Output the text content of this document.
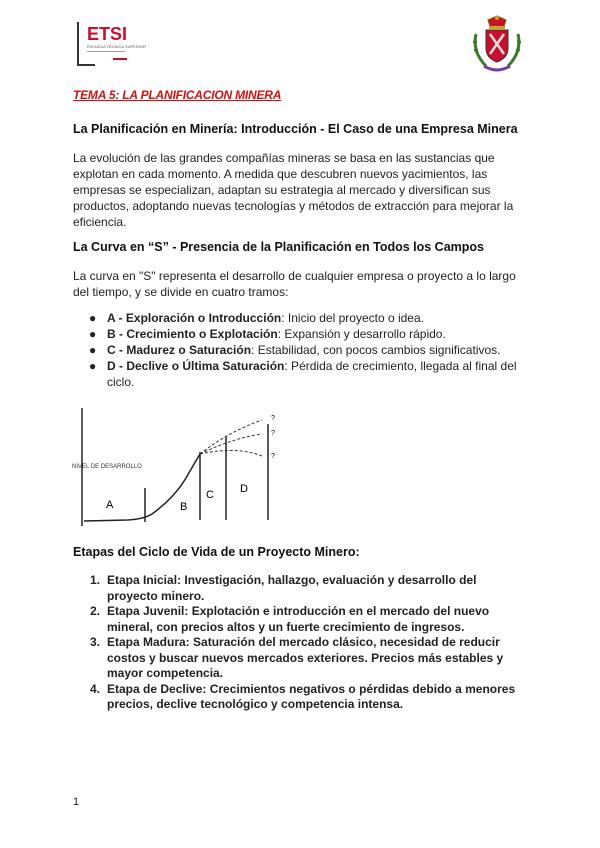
ETSI
ESCUELA TÉCNICA SUPERIOR
TEMA 5: LA PLANIFICACION MINERA
La Planificación en Minería: Introducción - El Caso de una Empresa Minera

La evolución de las grandes compañías mineras se basa en las sustancias que explotan en cada momento. A medida que descubren nuevos yacimientos, las empresas se especializan, adaptan su estrategia al mercado y diversifican sus productos, adoptando nuevas tecnologías y métodos de extracción para mejorar la eficiencia.

La Curva en “S” - Presencia de la Planificación en Todos los Campos

La curva en "S" representa el desarrollo de cualquier empresa o proyecto a lo largo del tiempo, y se divide en cuatro tramos:

● A - Exploración o Introducción: Inicio del proyecto o idea.
● B - Crecimiento o Explotación: Expansión y desarrollo rápido.
● C - Madurez o Saturación: Estabilidad, con pocos cambios significativos.
● D - Declive o Última Saturación: Pérdida de crecimiento, llegada al final del ciclo.
NIVEL DE DESARROLLO
?
?
?
A	B
C D
Etapas del Ciclo de Vida de un Proyecto Minero:
1. Etapa Inicial: Investigación, hallazgo, evaluación y desarrollo del proyecto minero.
2. Etapa Juvenil: Explotación e introducción en el mercado del nuevo mineral, con precios altos y un fuerte crecimiento de ingresos.
3. Etapa Madura: Saturación del mercado clásico, necesidad de reducir costos y buscar nuevos mercados exteriores. Precios más estables y mayor competencia.
4. Etapa de Declive: Crecimientos negativos o pérdidas debido a menores precios, declive tecnológico y competencia intensa.
1
